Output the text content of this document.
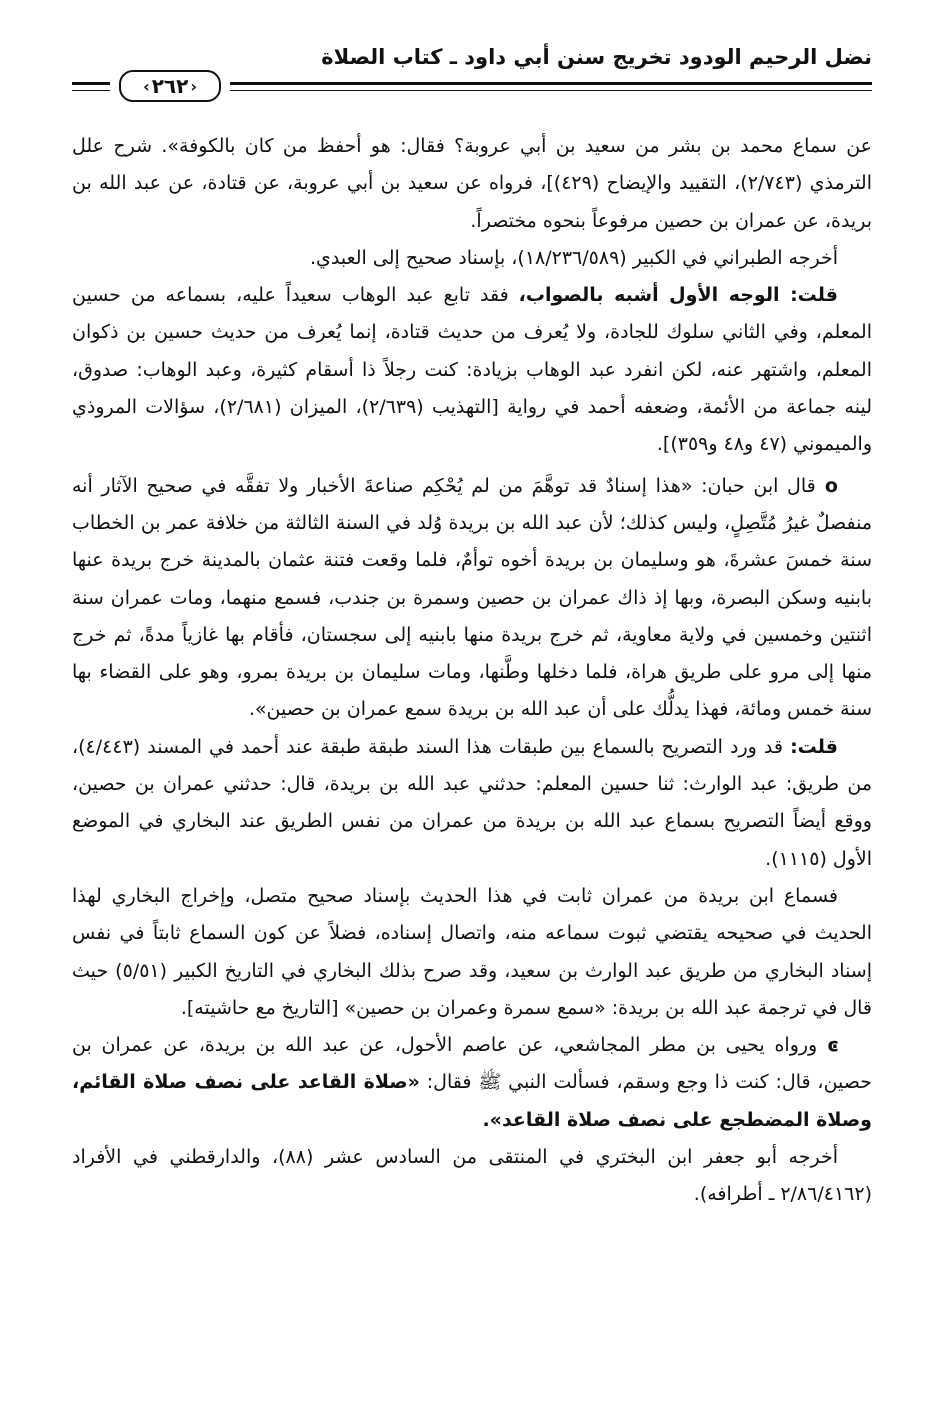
نضل الرحيم الودود تخريج سنن أبي داود ـ كتاب الصلاة
‹ ٢٦٢ ›

عن سماع محمد بن بشر من سعيد بن أبي عروبة؟ فقال: هو أحفظ من كان بالكوفة». شرح علل الترمذي (٢/٧٤٣)، التقييد والإيضاح (٤٢٩)]، فرواه عن سعيد بن أبي عروبة، عن قتادة، عن عبد الله بن بريدة، عن عمران بن حصين مرفوعاً بنحوه مختصراً.

أخرجه الطبراني في الكبير (١٨/٢٣٦/٥٨٩)، بإسناد صحيح إلى العبدي.

قلت: الوجه الأول أشبه بالصواب، فقد تابع عبد الوهاب سعيداً عليه، بسماعه من حسين المعلم، وفي الثاني سلوك للجادة، ولا يُعرف من حديث قتادة، إنما يُعرف من حديث حسين بن ذكوان المعلم، واشتهر عنه، لكن انفرد عبد الوهاب بزيادة: كنت رجلاً ذا أسقام كثيرة، وعبد الوهاب: صدوق، لينه جماعة من الأئمة، وضعفه أحمد في رواية [التهذيب (٢/٦٣٩)، الميزان (٢/٦٨١)، سؤالات المروذي والميموني (٤٧ و٤٨ و٣٥٩)].

o قال ابن حبان: «هذا إسنادٌ قد توهَّمَ من لم يُحْكِم صناعةَ الأخبار ولا تفقَّه في صحيح الآثار أنه منفصلٌ غيرُ مُتَّصِلٍ، وليس كذلك؛ لأن عبد الله بن بريدة وُلد في السنة الثالثة من خلافة عمر بن الخطاب سنة خمسَ عشرةَ، هو وسليمان بن بريدة أخوه توأمٌ، فلما وقعت فتنة عثمان بالمدينة خرج بريدة عنها بابنيه وسكن البصرة، وبها إذ ذاك عمران بن حصين وسمرة بن جندب، فسمع منهما، ومات عمران سنة اثنتين وخمسين في ولاية معاوية، ثم خرج بريدة منها بابنيه إلى سجستان، فأقام بها غازياً مدةً، ثم خرج منها إلى مرو على طريق هراة، فلما دخلها وطَّنها، ومات سليمان بن بريدة بمرو، وهو على القضاء بها سنة خمس ومائة، فهذا يدلُّك على أن عبد الله بن بريدة سمع عمران بن حصين».

قلت: قد ورد التصريح بالسماع بين طبقات هذا السند طبقة طبقة عند أحمد في المسند (٤/٤٤٣)، من طريق: عبد الوارث: ثنا حسين المعلم: حدثني عبد الله بن بريدة، قال: حدثني عمران بن حصين، ووقع أيضاً التصريح بسماع عبد الله بن بريدة من عمران من نفس الطريق عند البخاري في الموضع الأول (١١١٥).

فسماع ابن بريدة من عمران ثابت في هذا الحديث بإسناد صحيح متصل، وإخراج البخاري لهذا الحديث في صحيحه يقتضي ثبوت سماعه منه، واتصال إسناده، فضلاً عن كون السماع ثابتاً في نفس إسناد البخاري من طريق عبد الوارث بن سعيد، وقد صرح بذلك البخاري في التاريخ الكبير (٥/٥١) حيث قال في ترجمة عبد الله بن بريدة: «سمع سمرة وعمران بن حصين» [التاريخ مع حاشيته].

ͼ ورواه يحيى بن مطر المجاشعي، عن عاصم الأحول، عن عبد الله بن بريدة، عن عمران بن حصين، قال: كنت ذا وجع وسقم، فسألت النبي ﷺ فقال: «صلاة القاعد على نصف صلاة القائم، وصلاة المضطجع على نصف صلاة القاعد».

أخرجه أبو جعفر ابن البختري في المنتقى من السادس عشر (٨٨)، والدارقطني في الأفراد (٢/٨٦/٤١٦٢ ـ أطرافه).
